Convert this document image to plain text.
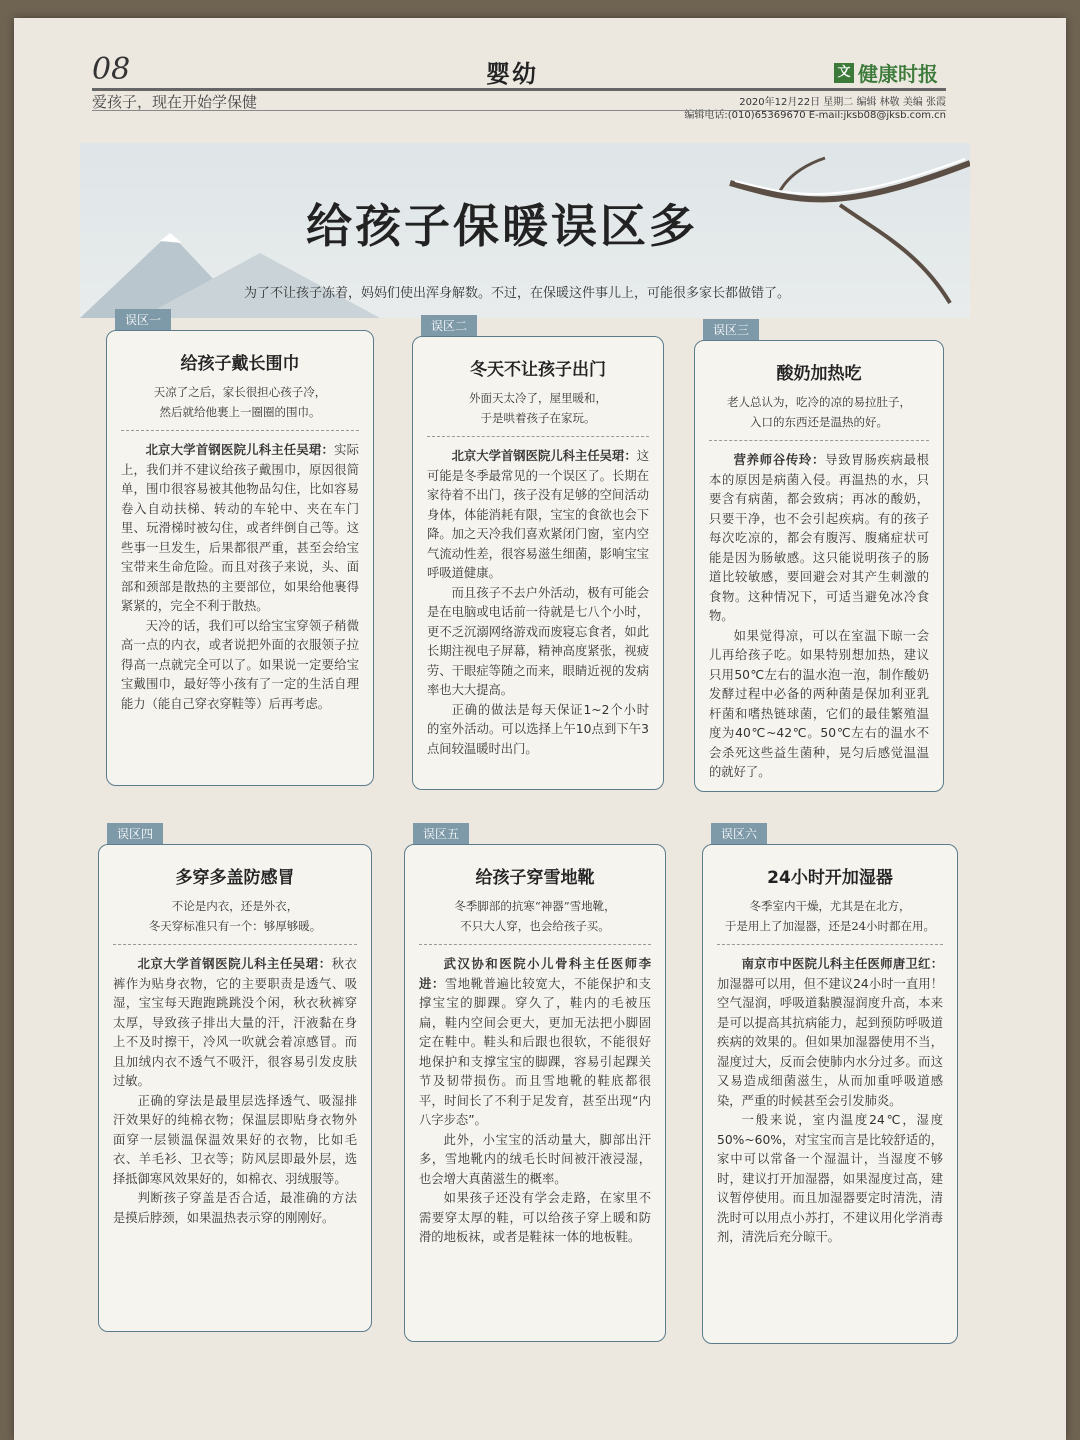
08	婴幼	文 健康时报
爱孩子，现在开始学保健	2020年12月22日 星期二 编辑 林敬 美编 张霞
编辑电话:(010)65369670 E-mail:jksb08@jksb.com.cn
给孩子保暖误区多
为了不让孩子冻着，妈妈们使出浑身解数。不过，在保暖这件事儿上，可能很多家长都做错了。
误区一
给孩子戴长围巾
天凉了之后，家长很担心孩子冷，
然后就给他裹上一圈圈的围巾。

北京大学首钢医院儿科主任吴珺：实际上，我们并不建议给孩子戴围巾，原因很简单，围巾很容易被其他物品勾住，比如容易卷入自动扶梯、转动的车轮中、夹在车门里、玩滑梯时被勾住，或者绊倒自己等。这些事一旦发生，后果都很严重，甚至会给宝宝带来生命危险。而且对孩子来说，头、面部和颈部是散热的主要部位，如果给他裹得紧紧的，完全不利于散热。

天冷的话，我们可以给宝宝穿领子稍微高一点的内衣，或者说把外面的衣服领子拉得高一点就完全可以了。如果说一定要给宝宝戴围巾，最好等小孩有了一定的生活自理能力（能自己穿衣穿鞋等）后再考虑。

误区二
冬天不让孩子出门
外面天太冷了，屋里暖和，
于是哄着孩子在家玩。

北京大学首钢医院儿科主任吴珺：这可能是冬季最常见的一个误区了。长期在家待着不出门，孩子没有足够的空间活动身体，体能消耗有限，宝宝的食欲也会下降。加之天冷我们喜欢紧闭门窗，室内空气流动性差，很容易滋生细菌，影响宝宝呼吸道健康。

而且孩子不去户外活动，极有可能会是在电脑或电话前一待就是七八个小时，更不乏沉溺网络游戏而废寝忘食者，如此长期注视电子屏幕，精神高度紧张，视疲劳、干眼症等随之而来，眼睛近视的发病率也大大提高。

正确的做法是每天保证1~2个小时的室外活动。可以选择上午10点到下午3点间较温暖时出门。

误区三
酸奶加热吃
老人总认为，吃冷的凉的易拉肚子，
入口的东西还是温热的好。

营养师谷传玲：导致胃肠疾病最根本的原因是病菌入侵。再温热的水，只要含有病菌，都会致病；再冰的酸奶，只要干净，也不会引起疾病。有的孩子每次吃凉的，都会有腹泻、腹痛症状可能是因为肠敏感。这只能说明孩子的肠道比较敏感，要回避会对其产生刺激的食物。这种情况下，可适当避免冰冷食物。

如果觉得凉，可以在室温下晾一会儿再给孩子吃。如果特别想加热，建议只用50℃左右的温水泡一泡，制作酸奶发酵过程中必备的两种菌是保加利亚乳杆菌和嗜热链球菌，它们的最佳繁殖温度为40℃~42℃。50℃左右的温水不会杀死这些益生菌种，晃匀后感觉温温的就好了。

误区四
多穿多盖防感冒
不论是内衣，还是外衣，
冬天穿标准只有一个：够厚够暖。

北京大学首钢医院儿科主任吴珺：秋衣裤作为贴身衣物，它的主要职责是透气、吸湿，宝宝每天跑跑跳跳没个闲，秋衣秋裤穿太厚，导致孩子排出大量的汗，汗液黏在身上不及时擦干，冷风一吹就会着凉感冒。而且加绒内衣不透气不吸汗，很容易引发皮肤过敏。

正确的穿法是最里层选择透气、吸湿排汗效果好的纯棉衣物；保温层即贴身衣物外面穿一层锁温保温效果好的衣物，比如毛衣、羊毛衫、卫衣等；防风层即最外层，选择抵御寒风效果好的，如棉衣、羽绒服等。

判断孩子穿盖是否合适，最准确的方法是摸后脖颈，如果温热表示穿的刚刚好。

误区五
给孩子穿雪地靴
冬季脚部的抗寒“神器”雪地靴，
不只大人穿，也会给孩子买。

武汉协和医院小儿骨科主任医师李进：雪地靴普遍比较宽大，不能保护和支撑宝宝的脚踝。穿久了，鞋内的毛被压扁，鞋内空间会更大，更加无法把小脚固定在鞋中。鞋头和后跟也很软，不能很好地保护和支撑宝宝的脚踝，容易引起踝关节及韧带损伤。而且雪地靴的鞋底都很平，时间长了不利于足发育，甚至出现“内八字步态”。

此外，小宝宝的活动量大，脚部出汗多，雪地靴内的绒毛长时间被汗液浸湿，也会增大真菌滋生的概率。

如果孩子还没有学会走路，在家里不需要穿太厚的鞋，可以给孩子穿上暖和防滑的地板袜，或者是鞋袜一体的地板鞋。

误区六
24小时开加湿器
冬季室内干燥，尤其是在北方，
于是用上了加湿器，还是24小时都在用。

南京市中医院儿科主任医师唐卫红：加湿器可以用，但不建议24小时一直用！空气湿润，呼吸道黏膜湿润度升高，本来是可以提高其抗病能力，起到预防呼吸道疾病的效果的。但如果加湿器使用不当，湿度过大，反而会使肺内水分过多。而这又易造成细菌滋生，从而加重呼吸道感染，严重的时候甚至会引发肺炎。

一般来说，室内温度24℃，湿度50%~60%，对宝宝而言是比较舒适的，家中可以常备一个湿温计，当湿度不够时，建议打开加湿器，如果湿度过高，建议暂停使用。而且加湿器要定时清洗，清洗时可以用点小苏打，不建议用化学消毒剂，清洗后充分晾干。
